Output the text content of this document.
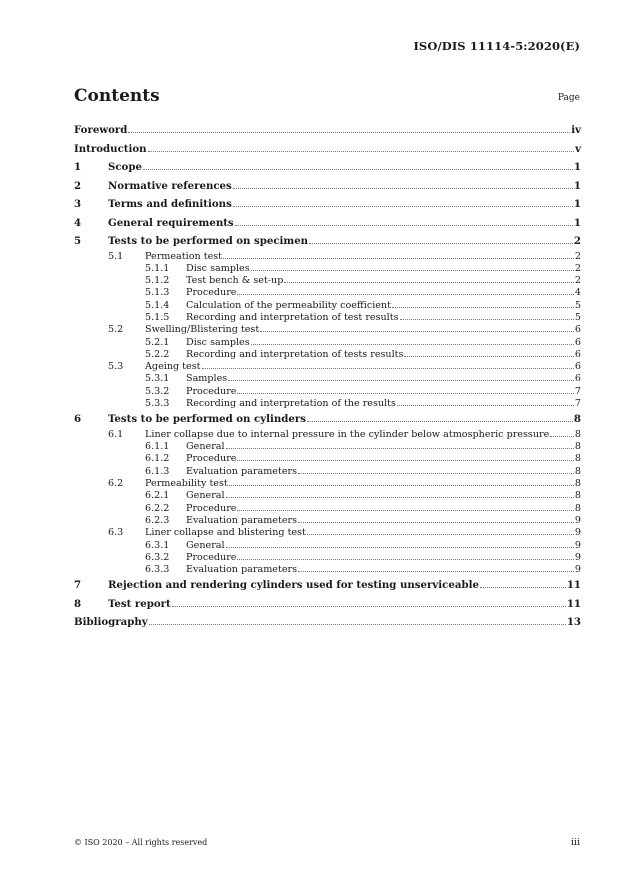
ISO/DIS 11114-5:2020(E)
Contents	Page
Foreword	iv
Introduction	v
1	Scope	1
2	Normative references	1
3	Terms and definitions	1
4	General requirements	1
5	Tests to be performed on specimen	2
5.1	Permeation test	2
5.1.1	Disc samples	2
5.1.2	Test bench & set-up	2
5.1.3	Procedure	4
5.1.4	Calculation of the permeability coefficient	5
5.1.5	Recording and interpretation of test results	5
5.2	Swelling/Blistering test	6
5.2.1	Disc samples	6
5.2.2	Recording and interpretation of tests results	6
5.3	Ageing test	6
5.3.1	Samples	6
5.3.2	Procedure	7
5.3.3	Recording and interpretation of the results	7
6	Tests to be performed on cylinders	8
6.1	Liner collapse due to internal pressure in the cylinder below atmospheric pressure	8
6.1.1	General	8
6.1.2	Procedure	8
6.1.3	Evaluation parameters	8
6.2	Permeability test	8
6.2.1	General	8
6.2.2	Procedure	8
6.2.3	Evaluation parameters	9
6.3	Liner collapse and blistering test	9
6.3.1	General	9
6.3.2	Procedure	9
6.3.3	Evaluation parameters	9
7	Rejection and rendering cylinders used for testing unserviceable	11
8	Test report	11
Bibliography	13
© ISO 2020 – All rights reserved	iii
